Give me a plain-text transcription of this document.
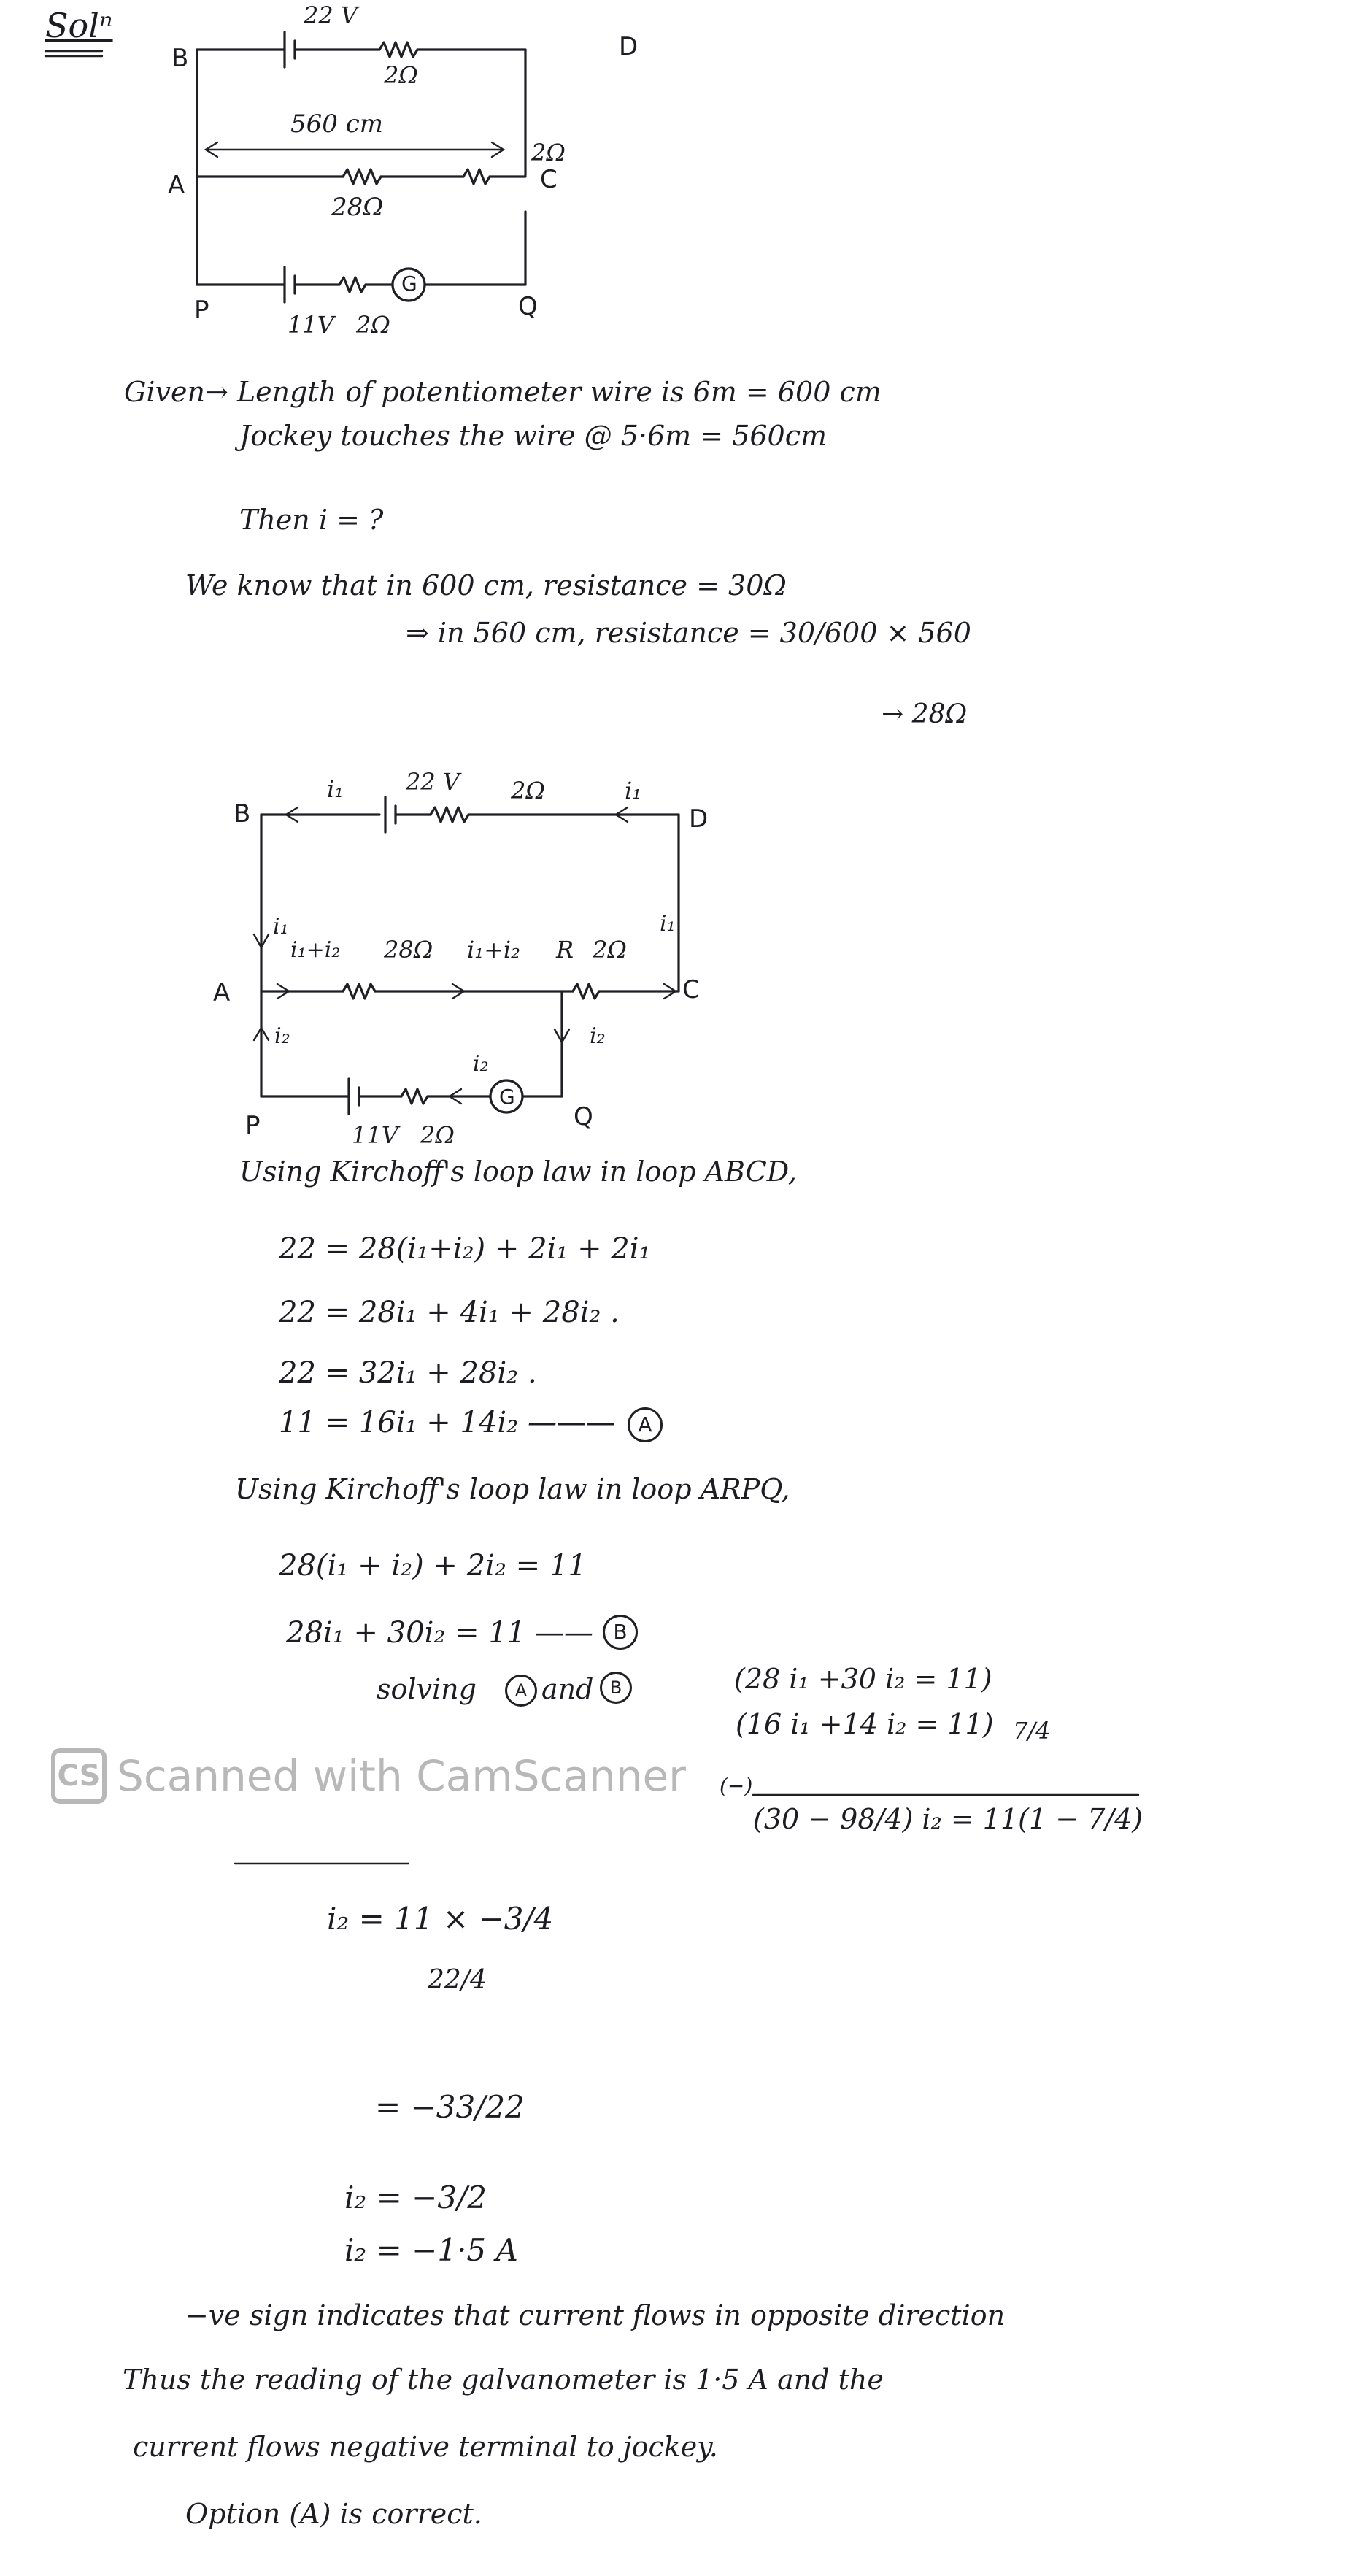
Solⁿ
B	D
A	C
P	Q
22 V
2Ω
560 cm
2Ω
28Ω
11V 2Ω
G
Given→ Length of potentiometer wire is 6m = 600 cm
Jockey touches the wire @ 5·6m = 560cm
Then i = ?
We know that in 600 cm, resistance = 30Ω
⇒ in 560 cm, resistance = 30/600 × 560
→ 28Ω
B	D
A	C
P	Q
i₁	22 V 2Ω	i₁
i₁
i₁+i₂ 28Ω i₁+i₂ R 2Ω
i₁
i₂
i₂
i₂
11V 2Ω
G
Using Kirchoff's loop law in loop ABCD,
22 = 28(i₁+i₂) + 2i₁ + 2i₁
22 = 28i₁ + 4i₁ + 28i₂ .
22 = 32i₁ + 28i₂ .
11 = 16i₁ + 14i₂ ———	A
Using Kirchoff's loop law in loop ARPQ,
28(i₁ + i₂) + 2i₂ = 11
28i₁ + 30i₂ = 11 —— B
solving	A and B	(28 i₁ +30 i₂ = 11)
(16 i₁ +14 i₂ = 11) 7/4
(−)
(30 − 98/4) i₂ = 11(1 − 7/4)
CS Scanned with CamScanner
i₂ = 11 × −3/4
22/4
= −33/22
i₂ = −3/2
i₂ = −1·5 A
−ve sign indicates that current flows in opposite direction
Thus the reading of the galvanometer is 1·5 A and the
current flows negative terminal to jockey.
Option (A) is correct.
